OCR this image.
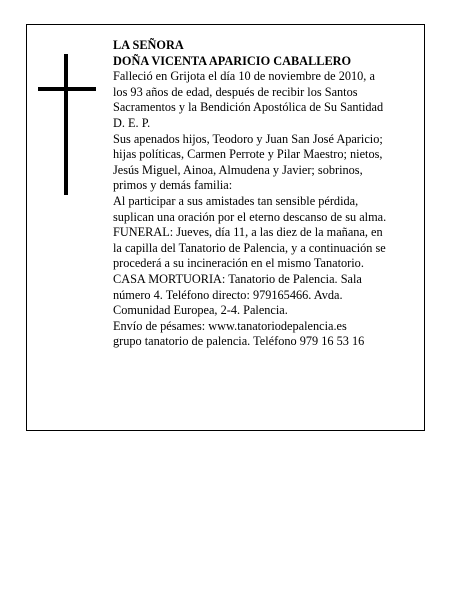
LA SEÑORA
DOÑA VICENTA APARICIO CABALLERO
Falleció en Grijota el día 10 de noviembre de 2010, a
los 93 años de edad, después de recibir los Santos
Sacramentos y la Bendición Apostólica de Su Santidad
D. E. P.
Sus apenados hijos, Teodoro y Juan San José Aparicio;
hijas políticas, Carmen Perrote y Pilar Maestro; nietos,
Jesús Miguel, Ainoa, Almudena y Javier; sobrinos,
primos y demás familia:
Al participar a sus amistades tan sensible pérdida,
suplican una oración por el eterno descanso de su alma.
FUNERAL: Jueves, día 11, a las diez de la mañana, en
la capilla del Tanatorio de Palencia, y a continuación se
procederá a su incineración en el mismo Tanatorio.
CASA MORTUORIA: Tanatorio de Palencia. Sala
número 4. Teléfono directo: 979165466. Avda.
Comunidad Europea, 2-4. Palencia.
Envío de pésames: www.tanatoriodepalencia.es
grupo tanatorio de palencia. Teléfono 979 16 53 16
